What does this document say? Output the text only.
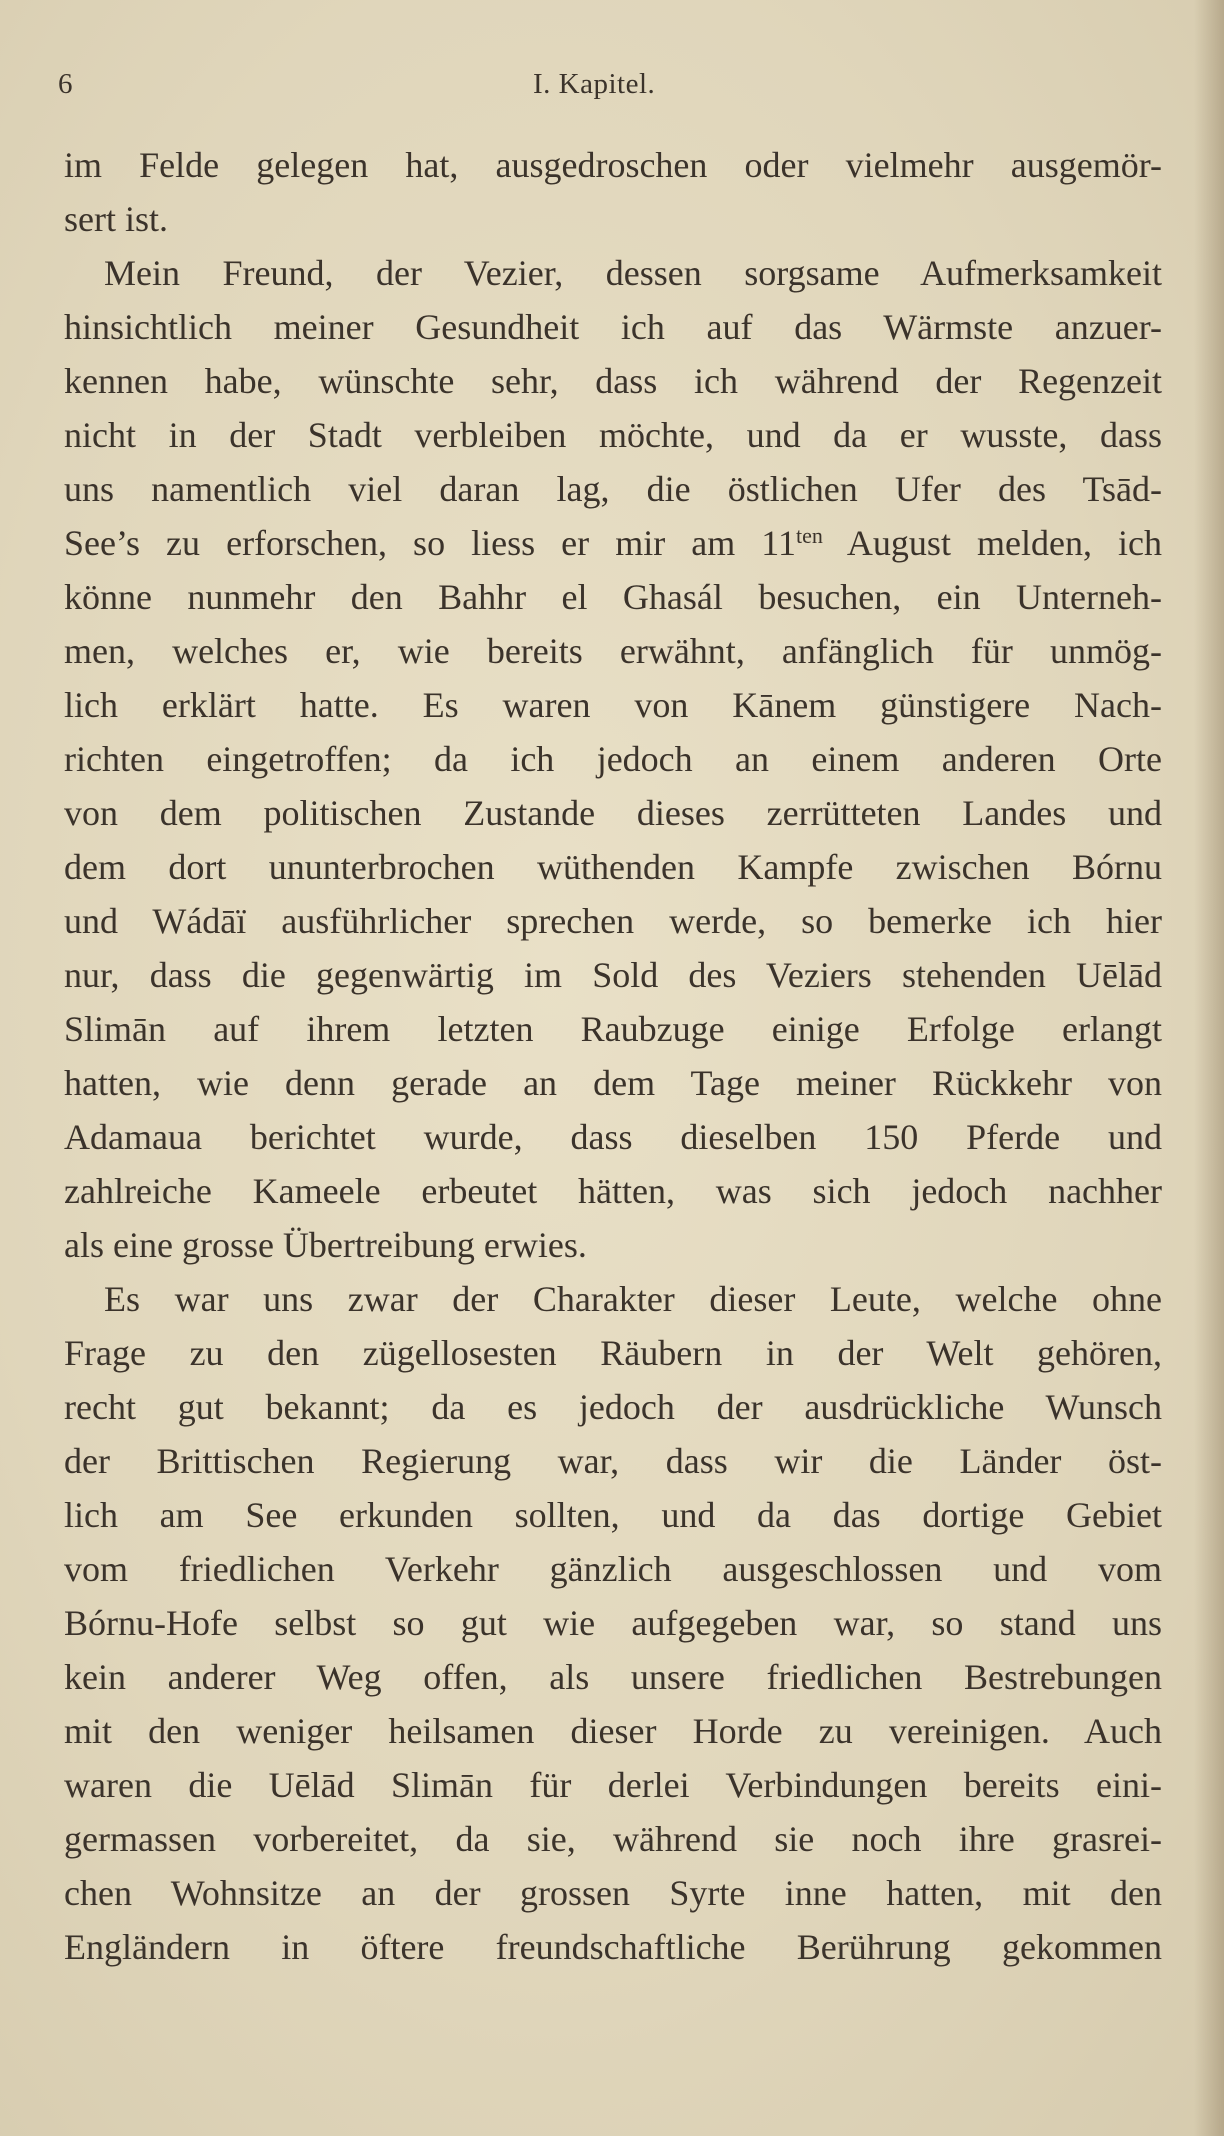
6	I. Kapitel.
im Felde gelegen hat, ausgedroschen oder vielmehr ausgemör-
sert ist.
Mein Freund, der Vezier, dessen sorgsame Aufmerksamkeit
hinsichtlich meiner Gesundheit ich auf das Wärmste anzuer-
kennen habe, wünschte sehr, dass ich während der Regenzeit
nicht in der Stadt verbleiben möchte, und da er wusste, dass
uns namentlich viel daran lag, die östlichen Ufer des Tsād-
See’s zu erforschen, so liess er mir am $11^{ten}$ August melden, ich
könne nunmehr den Bahhr el Ghasál besuchen, ein Unterneh-
men, welches er, wie bereits erwähnt, anfänglich für unmög-
lich erklärt hatte. Es waren von Kānem günstigere Nach-
richten eingetroffen; da ich jedoch an einem anderen Orte
von dem politischen Zustande dieses zerrütteten Landes und
dem dort ununterbrochen wüthenden Kampfe zwischen Bórnu
und Wádāï ausführlicher sprechen werde, so bemerke ich hier
nur, dass die gegenwärtig im Sold des Veziers stehenden Uēlād
Slimān auf ihrem letzten Raubzuge einige Erfolge erlangt
hatten, wie denn gerade an dem Tage meiner Rückkehr von
Adamaua berichtet wurde, dass dieselben 150 Pferde und
zahlreiche Kameele erbeutet hätten, was sich jedoch nachher
als eine grosse Übertreibung erwies.
Es war uns zwar der Charakter dieser Leute, welche ohne
Frage zu den zügellosesten Räubern in der Welt gehören,
recht gut bekannt; da es jedoch der ausdrückliche Wunsch
der Brittischen Regierung war, dass wir die Länder öst-
lich am See erkunden sollten, und da das dortige Gebiet
vom friedlichen Verkehr gänzlich ausgeschlossen und vom
Bórnu-Hofe selbst so gut wie aufgegeben war, so stand uns
kein anderer Weg offen, als unsere friedlichen Bestrebungen
mit den weniger heilsamen dieser Horde zu vereinigen. Auch
waren die Uēlād Slimān für derlei Verbindungen bereits eini-
germassen vorbereitet, da sie, während sie noch ihre grasrei-
chen Wohnsitze an der grossen Syrte inne hatten, mit den
Engländern in öftere freundschaftliche Berührung gekommen
